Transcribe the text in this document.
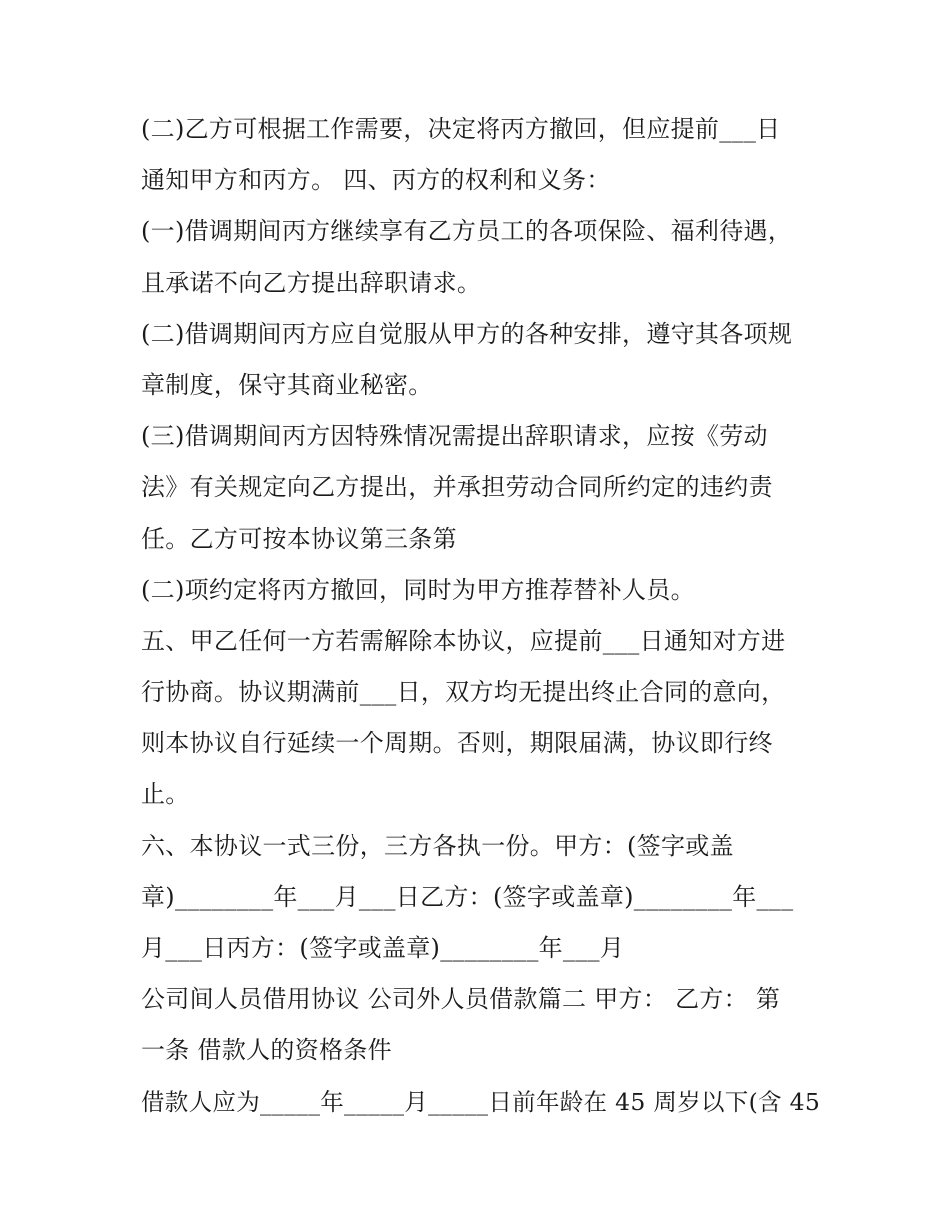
(二)乙方可根据工作需要，决定将丙方撤回，但应提前___日
通知甲方和丙方。 四、丙方的权利和义务：
(一)借调期间丙方继续享有乙方员工的各项保险、福利待遇，
且承诺不向乙方提出辞职请求。
(二)借调期间丙方应自觉服从甲方的各种安排，遵守其各项规
章制度，保守其商业秘密。
(三)借调期间丙方因特殊情况需提出辞职请求，应按《劳动
法》有关规定向乙方提出，并承担劳动合同所约定的违约责
任。乙方可按本协议第三条第
(二)项约定将丙方撤回，同时为甲方推荐替补人员。
五、甲乙任何一方若需解除本协议，应提前___日通知对方进
行协商。协议期满前___日，双方均无提出终止合同的意向，
则本协议自行延续一个周期。否则，期限届满，协议即行终
止。
六、本协议一式三份，三方各执一份。甲方：(签字或盖
章)________年___月___日乙方：(签字或盖章)________年___
月___日丙方：(签字或盖章)________年___月
公司间人员借用协议 公司外人员借款篇二 甲方： 乙方： 第
一条 借款人的资格条件
借款人应为_____年_____月_____日前年龄在 45 周岁以下(含 45
